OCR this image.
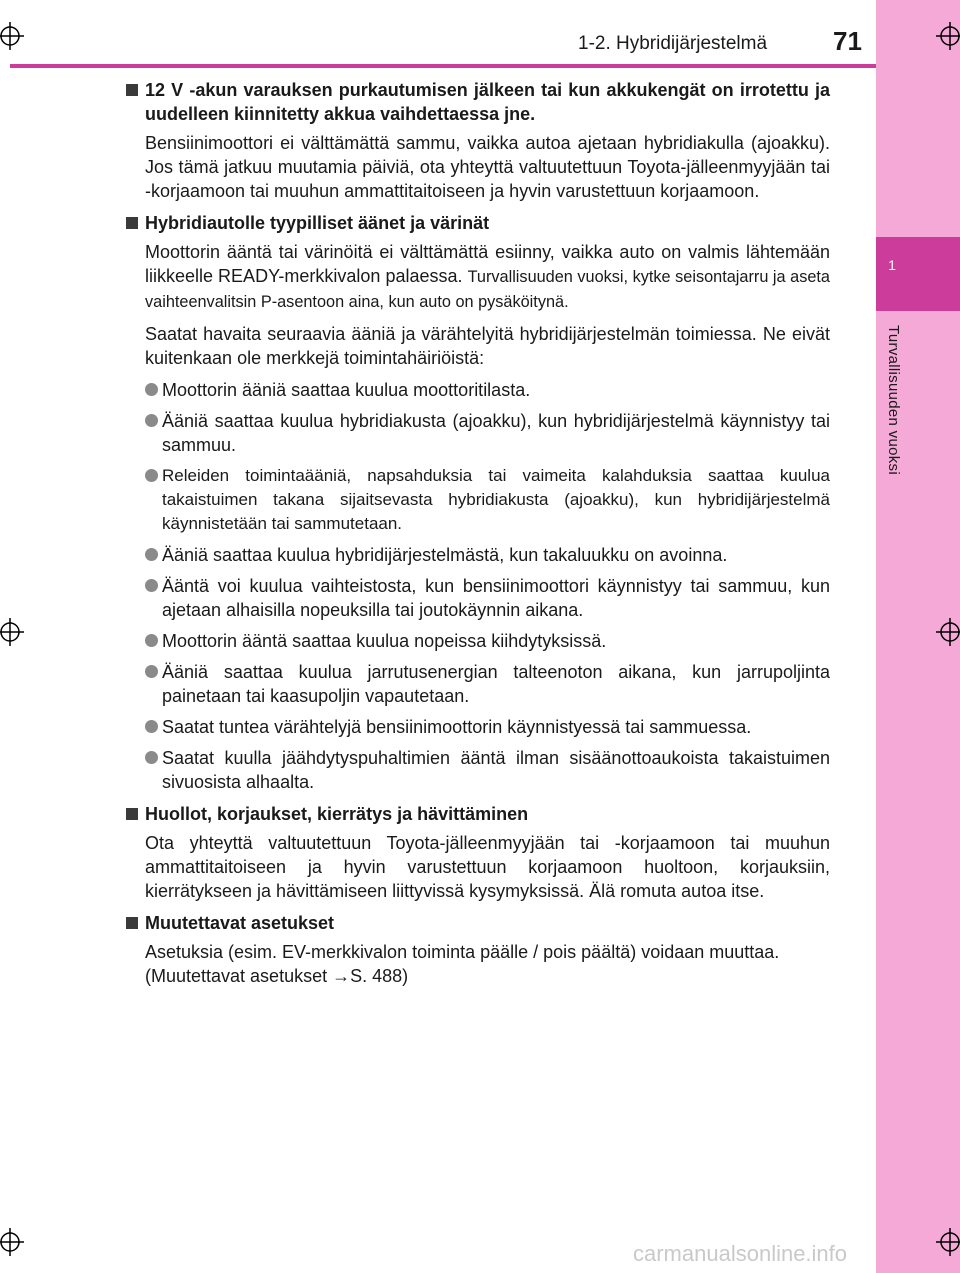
1
Turvallisuuden vuoksi
1-2. Hybridijärjestelmä	71
12 V -akun varauksen purkautumisen jälkeen tai kun akkukengät on irrotettu ja uudelleen kiinnitetty akkua vaihdettaessa jne.
Bensiinimoottori ei välttämättä sammu, vaikka autoa ajetaan hybridiakulla (ajoakku). Jos tämä jatkuu muutamia päiviä, ota yhteyttä valtuutettuun Toyota-jälleenmyyjään tai -korjaamoon tai muuhun ammattitaitoiseen ja hyvin varustettuun korjaamoon.
Hybridiautolle tyypilliset äänet ja värinät
Moottorin ääntä tai värinöitä ei välttämättä esiinny, vaikka auto on valmis lähtemään liikkeelle READY-merkkivalon palaessa. Turvallisuuden vuoksi, kytke seisontajarru ja aseta vaihteenvalitsin P-asentoon aina, kun auto on pysäköitynä.
Saatat havaita seuraavia ääniä ja värähtelyitä hybridijärjestelmän toimiessa. Ne eivät kuitenkaan ole merkkejä toimintahäiriöistä:
Moottorin ääniä saattaa kuulua moottoritilasta.
Ääniä saattaa kuulua hybridiakusta (ajoakku), kun hybridijärjestelmä käynnistyy tai sammuu.
Releiden toimintaääniä, napsahduksia tai vaimeita kalahduksia saattaa kuulua takaistuimen takana sijaitsevasta hybridiakusta (ajoakku), kun hybridijärjestelmä käynnistetään tai sammutetaan.
Ääniä saattaa kuulua hybridijärjestelmästä, kun takaluukku on avoinna.
Ääntä voi kuulua vaihteistosta, kun bensiinimoottori käynnistyy tai sammuu, kun ajetaan alhaisilla nopeuksilla tai joutokäynnin aikana.
Moottorin ääntä saattaa kuulua nopeissa kiihdytyksissä.
Ääniä saattaa kuulua jarrutusenergian talteenoton aikana, kun jarrupoljinta painetaan tai kaasupoljin vapautetaan.
Saatat tuntea värähtelyjä bensiinimoottorin käynnistyessä tai sammuessa.
Saatat kuulla jäähdytyspuhaltimien ääntä ilman sisäänottoaukoista takaistuimen sivuosista alhaalta.
Huollot, korjaukset, kierrätys ja hävittäminen
Ota yhteyttä valtuutettuun Toyota-jälleenmyyjään tai -korjaamoon tai muuhun ammattitaitoiseen ja hyvin varustettuun korjaamoon huoltoon, korjauksiin, kierrätykseen ja hävittämiseen liittyvissä kysymyksissä. Älä romuta autoa itse.
Muutettavat asetukset
Asetuksia (esim. EV-merkkivalon toiminta päälle / pois päältä) voidaan muuttaa. (Muutettavat asetukset →S. 488)
carmanualsonline.info
